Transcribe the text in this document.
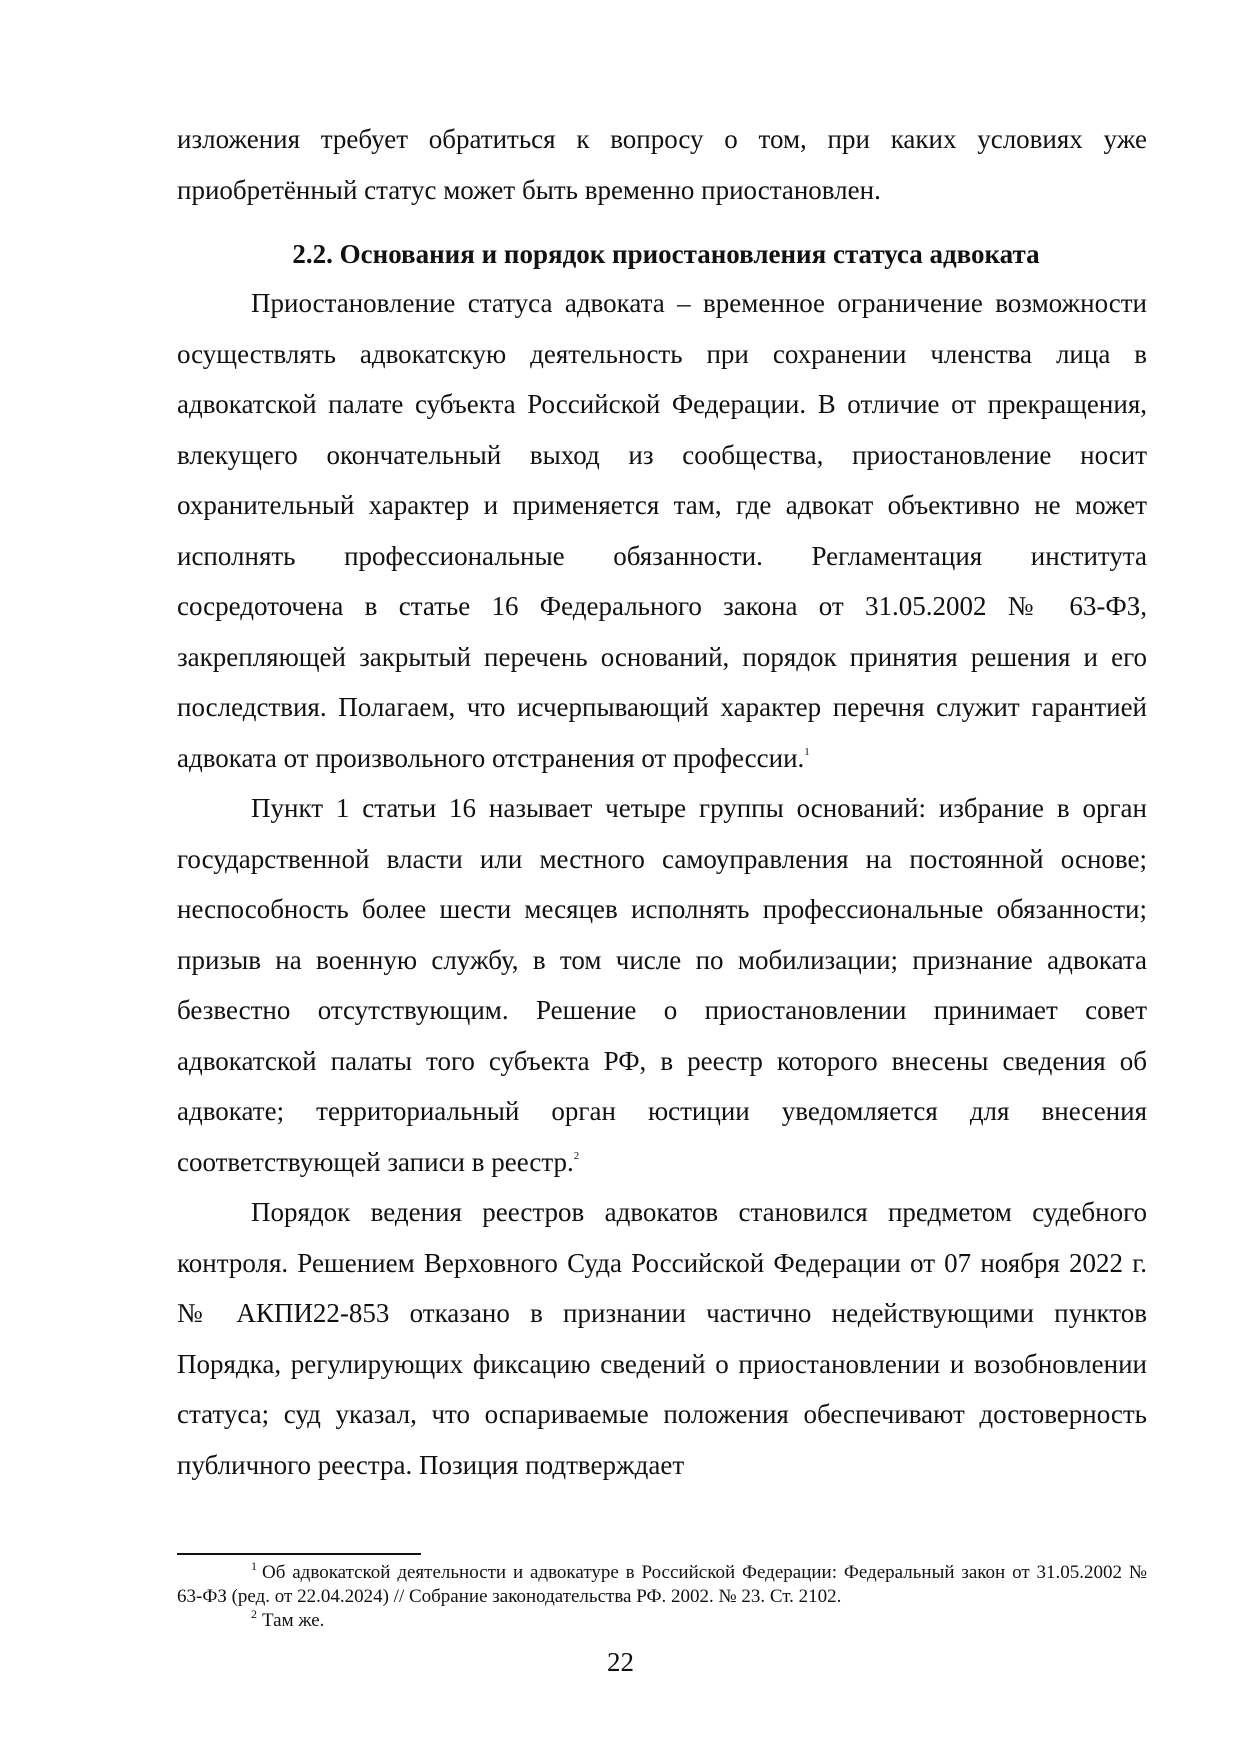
изложения требует обратиться к вопросу о том, при каких условиях уже приобретённый статус может быть временно приостановлен.

2.2. Основания и порядок приостановления статуса адвоката

Приостановление статуса адвоката – временное ограничение возможности осуществлять адвокатскую деятельность при сохранении членства лица в адвокатской палате субъекта Российской Федерации. В отличие от прекращения, влекущего окончательный выход из сообщества, приостановление носит охранительный характер и применяется там, где адвокат объективно не может исполнять профессиональные обязанности. Регламентация института сосредоточена в статье 16 Федерального закона от 31.05.2002 № 63-ФЗ, закрепляющей закрытый перечень оснований, порядок принятия решения и его последствия. Полагаем, что исчерпывающий характер перечня служит гарантией адвоката от произвольного отстранения от профессии.$^1$

Пункт 1 статьи 16 называет четыре группы оснований: избрание в орган государственной власти или местного самоуправления на постоянной основе; неспособность более шести месяцев исполнять профессиональные обязанности; призыв на военную службу, в том числе по мобилизации; признание адвоката безвестно отсутствующим. Решение о приостановлении принимает совет адвокатской палаты того субъекта РФ, в реестр которого внесены сведения об адвокате; территориальный орган юстиции уведомляется для внесения соответствующей записи в реестр.$^2$

Порядок ведения реестров адвокатов становился предметом судебного контроля. Решением Верховного Суда Российской Федерации от 07 ноября 2022 г. № АКПИ22-853 отказано в признании частично недействующими пунктов Порядка, регулирующих фиксацию сведений о приостановлении и возобновлении статуса; суд указал, что оспариваемые положения обеспечивают достоверность публичного реестра. Позиция подтверждает

$^1$ Об адвокатской деятельности и адвокатуре в Российской Федерации: Федеральный закон от 31.05.2002 № 63-ФЗ (ред. от 22.04.2024) // Собрание законодательства РФ. 2002. № 23. Ст. 2102.

$^2$ Там же.

22
